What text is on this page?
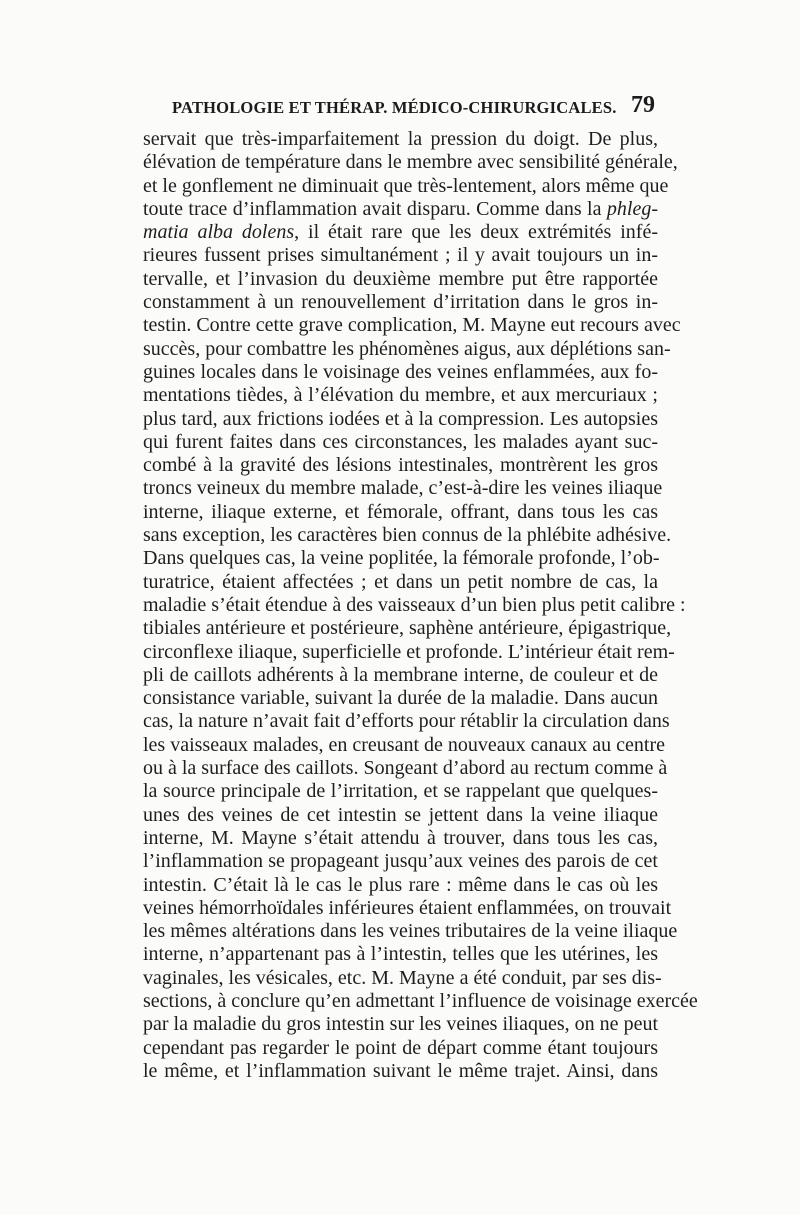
PATHOLOGIE ET THÉRAP. MÉDICO-CHIRURGICALES. 79
servait que très-imparfaitement la pression du doigt. De plus,
élévation de température dans le membre avec sensibilité générale,
et le gonflement ne diminuait que très-lentement, alors même que
toute trace d’inflammation avait disparu. Comme dans la phleg-
matia alba dolens, il était rare que les deux extrémités infé-
rieures fussent prises simultanément ; il y avait toujours un in-
tervalle, et l’invasion du deuxième membre put être rapportée
constamment à un renouvellement d’irritation dans le gros in-
testin. Contre cette grave complication, M. Mayne eut recours avec
succès, pour combattre les phénomènes aigus, aux déplétions san-
guines locales dans le voisinage des veines enflammées, aux fo-
mentations tièdes, à l’élévation du membre, et aux mercuriaux ;
plus tard, aux frictions iodées et à la compression. Les autopsies
qui furent faites dans ces circonstances, les malades ayant suc-
combé à la gravité des lésions intestinales, montrèrent les gros
troncs veineux du membre malade, c’est-à-dire les veines iliaque
interne, iliaque externe, et fémorale, offrant, dans tous les cas
sans exception, les caractères bien connus de la phlébite adhésive.
Dans quelques cas, la veine poplitée, la fémorale profonde, l’ob-
turatrice, étaient affectées ; et dans un petit nombre de cas, la
maladie s’était étendue à des vaisseaux d’un bien plus petit calibre :
tibiales antérieure et postérieure, saphène antérieure, épigastrique,
circonflexe iliaque, superficielle et profonde. L’intérieur était rem-
pli de caillots adhérents à la membrane interne, de couleur et de
consistance variable, suivant la durée de la maladie. Dans aucun
cas, la nature n’avait fait d’efforts pour rétablir la circulation dans
les vaisseaux malades, en creusant de nouveaux canaux au centre
ou à la surface des caillots. Songeant d’abord au rectum comme à
la source principale de l’irritation, et se rappelant que quelques-
unes des veines de cet intestin se jettent dans la veine iliaque
interne, M. Mayne s’était attendu à trouver, dans tous les cas,
l’inflammation se propageant jusqu’aux veines des parois de cet
intestin. C’était là le cas le plus rare : même dans le cas où les
veines hémorrhoïdales inférieures étaient enflammées, on trouvait
les mêmes altérations dans les veines tributaires de la veine iliaque
interne, n’appartenant pas à l’intestin, telles que les utérines, les
vaginales, les vésicales, etc. M. Mayne a été conduit, par ses dis-
sections, à conclure qu’en admettant l’influence de voisinage exercée
par la maladie du gros intestin sur les veines iliaques, on ne peut
cependant pas regarder le point de départ comme étant toujours
le même, et l’inflammation suivant le même trajet. Ainsi, dans
